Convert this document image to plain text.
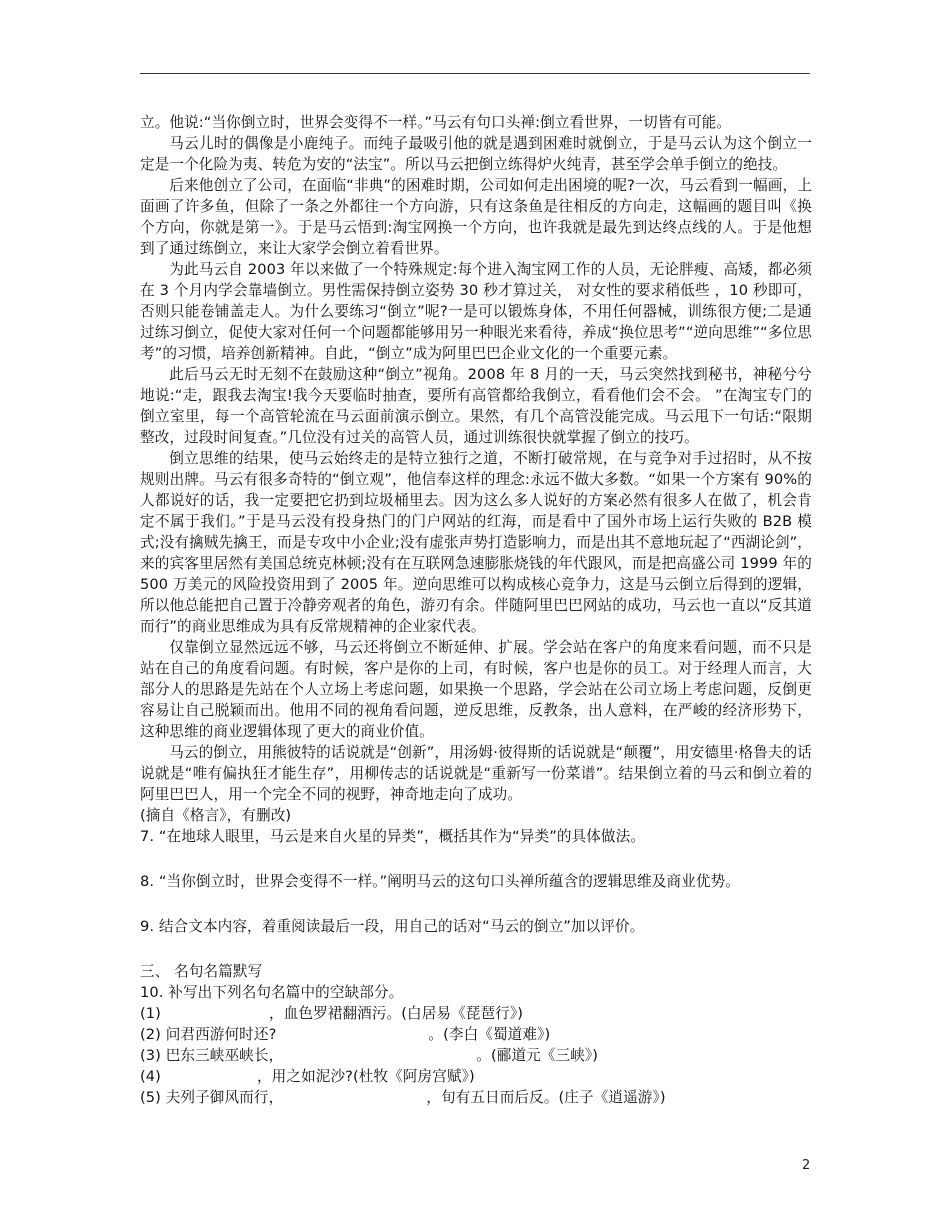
立。他说:“当你倒立时，世界会变得不一样。”马云有句口头禅:倒立看世界，一切皆有可能。

马云儿时的偶像是小鹿纯子。而纯子最吸引他的就是遇到困难时就倒立，于是马云认为这个倒立一定是一个化险为夷、转危为安的“法宝”。所以马云把倒立练得炉火纯青，甚至学会单手倒立的绝技。

后来他创立了公司，在面临“非典”的困难时期，公司如何走出困境的呢?一次，马云看到一幅画，上面画了许多鱼，但除了一条之外都往一个方向游，只有这条鱼是往相反的方向走，这幅画的题目叫《换个方向，你就是第一》。于是马云悟到:淘宝网换一个方向，也许我就是最先到达终点线的人。于是他想到了通过练倒立，来让大家学会倒立着看世界。

为此马云自 2003 年以来做了一个特殊规定:每个进入淘宝网工作的人员，无论胖瘦、高矮，都必须在 3 个月内学会靠墙倒立。男性需保持倒立姿势 30 秒才算过关， 对女性的要求稍低些 ，10 秒即可，否则只能卷铺盖走人。为什么要练习“倒立”呢?一是可以锻炼身体，不用任何器械，训练很方便;二是通过练习倒立，促使大家对任何一个问题都能够用另一种眼光来看待，养成“换位思考”“逆向思维”“多位思考”的习惯，培养创新精神。自此，“倒立”成为阿里巴巴企业文化的一个重要元素。

此后马云无时无刻不在鼓励这种“倒立”视角。2008 年 8 月的一天，马云突然找到秘书，神秘兮兮地说:“走，跟我去淘宝!我今天要临时抽查，要所有高管都给我倒立，看看他们会不会。 ”在淘宝专门的倒立室里，每一个高管轮流在马云面前演示倒立。果然，有几个高管没能完成。马云甩下一句话:“限期整改，过段时间复查。”几位没有过关的高管人员，通过训练很快就掌握了倒立的技巧。

倒立思维的结果，使马云始终走的是特立独行之道，不断打破常规，在与竞争对手过招时，从不按规则出牌。马云有很多奇特的“倒立观”，他信奉这样的理念:永远不做大多数。“如果一个方案有 90%的人都说好的话，我一定要把它扔到垃圾桶里去。因为这么多人说好的方案必然有很多人在做了，机会肯定不属于我们。”于是马云没有投身热门的门户网站的红海，而是看中了国外市场上运行失败的 B2B 模式;没有擒贼先擒王，而是专攻中小企业;没有虚张声势打造影响力，而是出其不意地玩起了“西湖论剑”，来的宾客里居然有美国总统克林顿;没有在互联网急速膨胀烧钱的年代跟风，而是把高盛公司 1999 年的 500 万美元的风险投资用到了 2005 年。逆向思维可以构成核心竞争力，这是马云倒立后得到的逻辑，所以他总能把自己置于冷静旁观者的角色，游刃有余。伴随阿里巴巴网站的成功，马云也一直以“反其道而行”的商业思维成为具有反常规精神的企业家代表。

仅靠倒立显然远远不够，马云还将倒立不断延伸、扩展。学会站在客户的角度来看问题，而不只是站在自己的角度看问题。有时候，客户是你的上司，有时候，客户也是你的员工。对于经理人而言，大部分人的思路是先站在个人立场上考虑问题，如果换一个思路，学会站在公司立场上考虑问题，反倒更容易让自己脱颖而出。他用不同的视角看问题，逆反思维，反教条，出人意料，在严峻的经济形势下，这种思维的商业逻辑体现了更大的商业价值。

马云的倒立，用熊彼特的话说就是“创新”，用汤姆·彼得斯的话说就是“颠覆”，用安德里·格鲁夫的话说就是“唯有偏执狂才能生存”，用柳传志的话说就是“重新写一份菜谱”。结果倒立着的马云和倒立着的阿里巴巴人，用一个完全不同的视野，神奇地走向了成功。

(摘自《格言》，有删改)

7. “在地球人眼里，马云是来自火星的异类”，概括其作为“异类”的具体做法。

8. “当你倒立时，世界会变得不一样。”阐明马云的这句口头禅所蕴含的逻辑思维及商业优势。

9. 结合文本内容，着重阅读最后一段，用自己的话对“马云的倒立”加以评价。

三、 名句名篇默写

10. 补写出下列名句名篇中的空缺部分。

(1)	，血色罗裙翻酒污。(白居易《琵琶行》)

(2) 问君西游何时还?	。(李白《蜀道难》)

(3) 巴东三峡巫峡长，	。(郦道元《三峡》)

(4)	，用之如泥沙?(杜牧《阿房宫赋》)

(5) 夫列子御风而行，	，旬有五日而后反。(庄子《逍遥游》)

2
